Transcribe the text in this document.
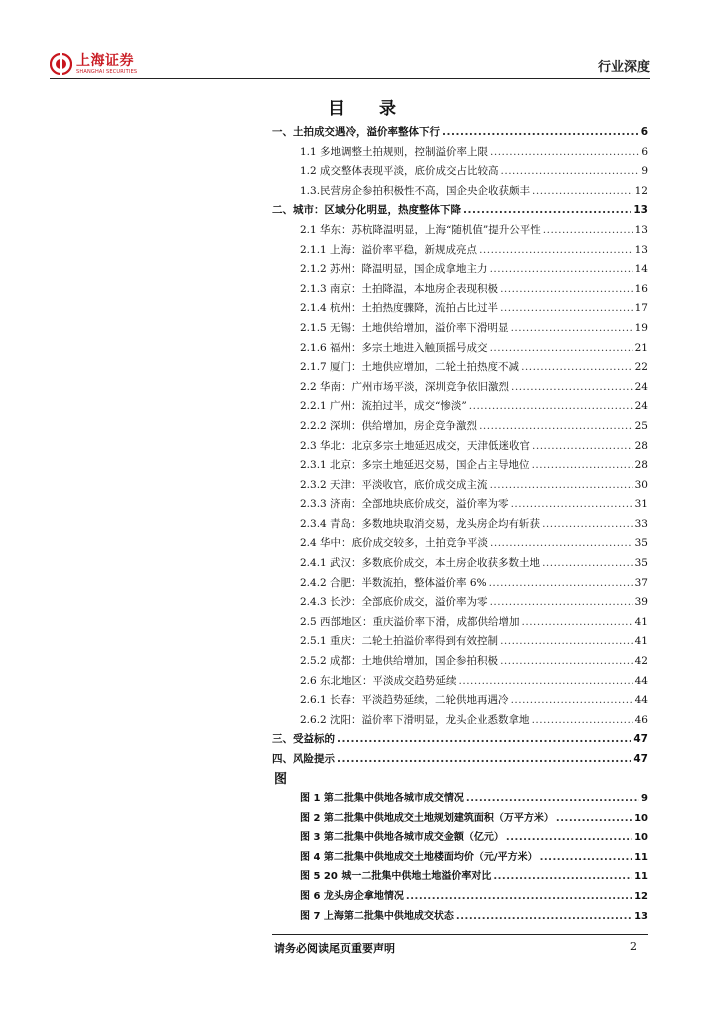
上海证券
SHANGHAI SECURITIES	行业深度
目 录
一、土拍成交遇冷，溢价率整体下行 .....	6
1.1 多地调整土拍规则，控制溢价率上限 .....	6
1.2 成交整体表现平淡，底价成交占比较高 .....	9
1.3.民营房企参拍积极性不高，国企央企收获颇丰 .....	12
二、城市：区域分化明显，热度整体下降 .....	13
2.1 华东：苏杭降温明显，上海“随机值”提升公平性 .....	13
2.1.1 上海：溢价率平稳，新规成亮点 .....	13
2.1.2 苏州：降温明显，国企成拿地主力 .....	14
2.1.3 南京：土拍降温，本地房企表现积极 .....	16
2.1.4 杭州：土拍热度骤降，流拍占比过半 .....	17
2.1.5 无锡：土地供给增加，溢价率下滑明显 .....	19
2.1.6 福州：多宗土地进入触顶摇号成交 .....	21
2.1.7 厦门：土地供应增加，二轮土拍热度不减 .....	22
2.2 华南：广州市场平淡，深圳竞争依旧激烈 .....	24
2.2.1 广州：流拍过半，成交“惨淡” .....	24
2.2.2 深圳：供给增加，房企竞争激烈 .....	25
2.3 华北：北京多宗土地延迟成交，天津低迷收官 .....	28
2.3.1 北京：多宗土地延迟交易，国企占主导地位 .....	28
2.3.2 天津：平淡收官，底价成交成主流 .....	30
2.3.3 济南：全部地块底价成交，溢价率为零 .....	31
2.3.4 青岛：多数地块取消交易，龙头房企均有斩获 .....	33
2.4 华中：底价成交较多，土拍竞争平淡 .....	35
2.4.1 武汉：多数底价成交，本土房企收获多数土地 .....	35
2.4.2 合肥：半数流拍，整体溢价率 6% .....	37
2.4.3 长沙：全部底价成交，溢价率为零 .....	39
2.5 西部地区：重庆溢价率下滑，成都供给增加 .....	41
2.5.1 重庆：二轮土拍溢价率得到有效控制 .....	41
2.5.2 成都：土地供给增加，国企参拍积极 .....	42
2.6 东北地区：平淡成交趋势延续 .....	44
2.6.1 长春：平淡趋势延续，二轮供地再遇冷 .....	44
2.6.2 沈阳：溢价率下滑明显，龙头企业悉数拿地 .....	46
三、受益标的 .....	47
四、风险提示 .....	47
图
图 1 第二批集中供地各城市成交情况 .....	9
图 2 第二批集中供地成交土地规划建筑面积（万平方米） .....	10
图 3 第二批集中供地各城市成交金额（亿元） .....	10
图 4 第二批集中供地成交土地楼面均价（元/平方米） .....	11
图 5 20 城一二批集中供地土地溢价率对比 .....	11
图 6 龙头房企拿地情况 .....	12
图 7 上海第二批集中供地成交状态 .....	13
请务必阅读尾页重要声明	2
